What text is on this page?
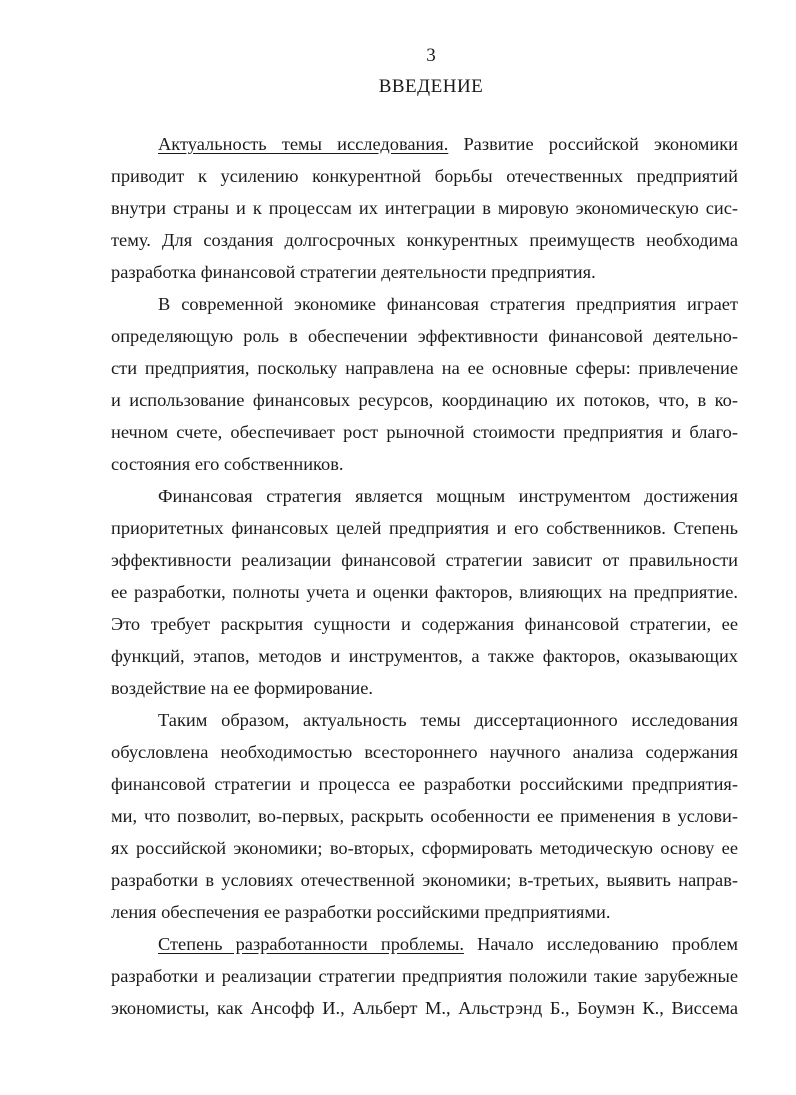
3
ВВЕДЕНИЕ
Актуальность темы исследования. Развитие российской экономики
приводит к усилению конкурентной борьбы отечественных предприятий
внутри страны и к процессам их интеграции в мировую экономическую сис-
тему. Для создания долгосрочных конкурентных преимуществ необходима
разработка финансовой стратегии деятельности предприятия.
В современной экономике финансовая стратегия предприятия играет
определяющую роль в обеспечении эффективности финансовой деятельно-
сти предприятия, поскольку направлена на ее основные сферы: привлечение
и использование финансовых ресурсов, координацию их потоков, что, в ко-
нечном счете, обеспечивает рост рыночной стоимости предприятия и благо-
состояния его собственников.
Финансовая стратегия является мощным инструментом достижения
приоритетных финансовых целей предприятия и его собственников. Степень
эффективности реализации финансовой стратегии зависит от правильности
ее разработки, полноты учета и оценки факторов, влияющих на предприятие.
Это требует раскрытия сущности и содержания финансовой стратегии, ее
функций, этапов, методов и инструментов, а также факторов, оказывающих
воздействие на ее формирование.
Таким образом, актуальность темы диссертационного исследования
обусловлена необходимостью всестороннего научного анализа содержания
финансовой стратегии и процесса ее разработки российскими предприятия-
ми, что позволит, во-первых, раскрыть особенности ее применения в услови-
ях российской экономики; во-вторых, сформировать методическую основу ее
разработки в условиях отечественной экономики; в-третьих, выявить направ-
ления обеспечения ее разработки российскими предприятиями.
Степень разработанности проблемы. Начало исследованию проблем
разработки и реализации стратегии предприятия положили такие зарубежные
экономисты, как Ансофф И., Альберт М., Альстрэнд Б., Боумэн К., Виссема
